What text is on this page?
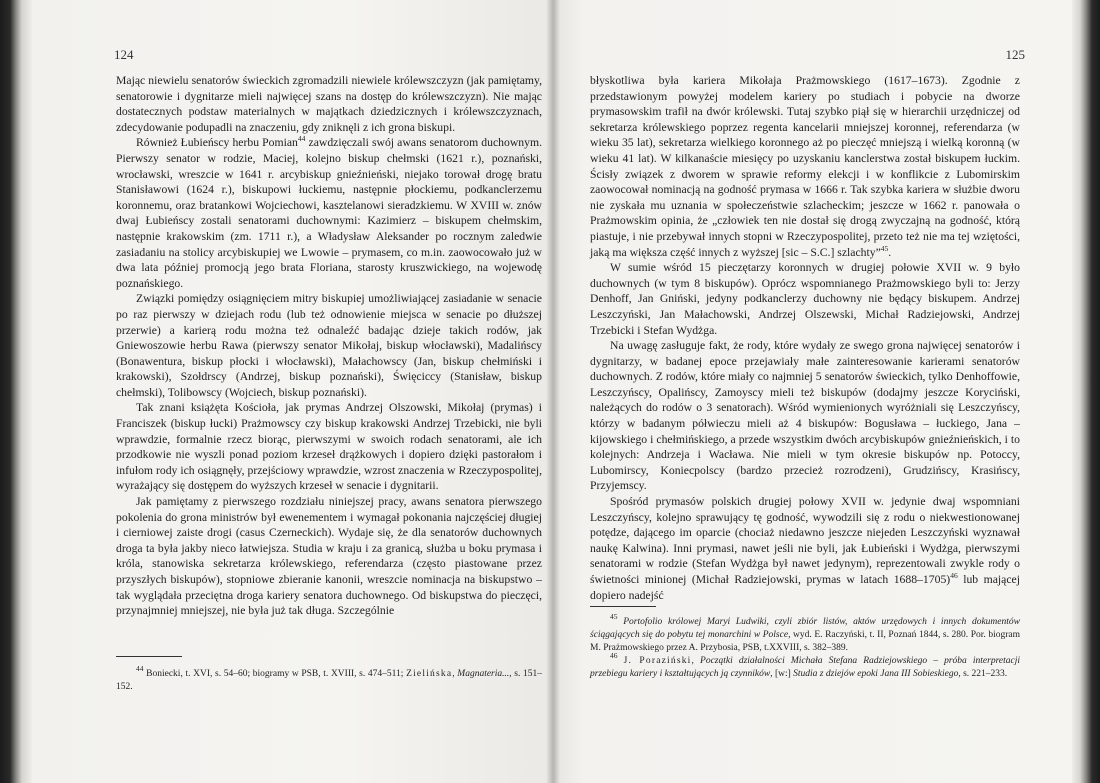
124

Mając niewielu senatorów świeckich zgromadzili niewiele królewszczyzn (jak pamiętamy, senatorowie i dygnitarze mieli najwięcej szans na dostęp do królewszczyzn). Nie mając dostatecznych podstaw materialnych w majątkach dziedzicznych i królewszczyznach, zdecydowanie podupadli na znaczeniu, gdy zniknęli z ich grona biskupi.

Również Łubieńscy herbu Pomian$^{44}$ zawdzięczali swój awans senatorom duchownym. Pierwszy senator w rodzie, Maciej, kolejno biskup chełmski (1621 r.), poznański, wrocławski, wreszcie w 1641 r. arcybiskup gnieźnieński, niejako torował drogę bratu Stanisławowi (1624 r.), biskupowi łuckiemu, następnie płockiemu, podkanclerzemu koronnemu, oraz bratankowi Wojciechowi, kasztelanowi sieradzkiemu. W XVIII w. znów dwaj Łubieńscy zostali senatorami duchownymi: Kazimierz – biskupem chełmskim, następnie krakowskim (zm. 1711 r.), a Władysław Aleksander po rocznym zaledwie zasiadaniu na stolicy arcybiskupiej we Lwowie – prymasem, co m.in. zaowocowało już w dwa lata później promocją jego brata Floriana, starosty kruszwickiego, na wojewodę poznańskiego.

Związki pomiędzy osiągnięciem mitry biskupiej umożliwiającej zasiadanie w senacie po raz pierwszy w dziejach rodu (lub też odnowienie miejsca w senacie po dłuższej przerwie) a karierą rodu można też odnaleźć badając dzieje takich rodów, jak Gniewoszowie herbu Rawa (pierwszy senator Mikołaj, biskup włocławski), Madalińscy (Bonawentura, biskup płocki i włocławski), Małachowscy (Jan, biskup chełmiński i krakowski), Szołdrscy (Andrzej, biskup poznański), Święciccy (Stanisław, biskup chełmski), Tolibowscy (Wojciech, biskup poznański).

Tak znani książęta Kościoła, jak prymas Andrzej Olszowski, Mikołaj (prymas) i Franciszek (biskup łucki) Prażmowscy czy biskup krakowski Andrzej Trzebicki, nie byli wprawdzie, formalnie rzecz biorąc, pierwszymi w swoich rodach senatorami, ale ich przodkowie nie wyszli ponad poziom krzeseł drążkowych i dopiero dzięki pastorałom i infułom rody ich osiągnęły, przejściowy wprawdzie, wzrost znaczenia w Rzeczypospolitej, wyrażający się dostępem do wyższych krzeseł w senacie i dygnitarii.

Jak pamiętamy z pierwszego rozdziału niniejszej pracy, awans senatora pierwszego pokolenia do grona ministrów był ewenementem i wymagał pokonania najczęściej długiej i cierniowej zaiste drogi (casus Czerneckich). Wydaje się, że dla senatorów duchownych droga ta była jakby nieco łatwiejsza. Studia w kraju i za granicą, służba u boku prymasa i króla, stanowiska sekretarza królewskiego, referendarza (często piastowane przez przyszłych biskupów), stopniowe zbieranie kanonii, wreszcie nominacja na biskupstwo – tak wyglądała przeciętna droga kariery senatora duchownego. Od biskupstwa do pieczęci, przynajmniej mniejszej, nie była już tak długa. Szczególnie

$^{44}$ Boniecki, t. XVI, s. 54–60; biogramy w PSB, t. XVIII, s. 474–511; Zielińska, Magnateria..., s. 151–152.

125

błyskotliwa była kariera Mikołaja Prażmowskiego (1617–1673). Zgodnie z przedstawionym powyżej modelem kariery po studiach i pobycie na dworze prymasowskim trafił na dwór królewski. Tutaj szybko piął się w hierarchii urzędniczej od sekretarza królewskiego poprzez regenta kancelarii mniejszej koronnej, referendarza (w wieku 35 lat), sekretarza wielkiego koronnego aż po pieczęć mniejszą i wielką koronną (w wieku 41 lat). W kilkanaście miesięcy po uzyskaniu kanclerstwa został biskupem łuckim. Ścisły związek z dworem w sprawie reformy elekcji i w konflikcie z Lubomirskim zaowocował nominacją na godność prymasa w 1666 r. Tak szybka kariera w służbie dworu nie zyskała mu uznania w społeczeństwie szlacheckim; jeszcze w 1662 r. panowała o Prażmowskim opinia, że „człowiek ten nie dostał się drogą zwyczajną na godność, którą piastuje, i nie przebywał innych stopni w Rzeczypospolitej, przeto też nie ma tej wziętości, jaką ma większa część innych z wyższej [sic – S.C.] szlachty”$^{45}$.

W sumie wśród 15 pieczętarzy koronnych w drugiej połowie XVII w. 9 było duchownych (w tym 8 biskupów). Oprócz wspomnianego Prażmowskiego byli to: Jerzy Denhoff, Jan Gniński, jedyny podkanclerzy duchowny nie będący biskupem. Andrzej Leszczyński, Jan Małachowski, Andrzej Olszewski, Michał Radziejowski, Andrzej Trzebicki i Stefan Wydżga.

Na uwagę zasługuje fakt, że rody, które wydały ze swego grona najwięcej senatorów i dygnitarzy, w badanej epoce przejawiały małe zainteresowanie karierami senatorów duchownych. Z rodów, które miały co najmniej 5 senatorów świeckich, tylko Denhoffowie, Leszczyńscy, Opalińscy, Zamoyscy mieli też biskupów (dodajmy jeszcze Koryciński, należących do rodów o 3 senatorach). Wśród wymienionych wyróżniali się Leszczyńscy, którzy w badanym półwieczu mieli aż 4 biskupów: Bogusława – łuckiego, Jana – kijowskiego i chełmińskiego, a przede wszystkim dwóch arcybiskupów gnieźnieńskich, i to kolejnych: Andrzeja i Wacława. Nie mieli w tym okresie biskupów np. Potoccy, Lubomirscy, Koniecpolscy (bardzo przecież rozrodzeni), Grudzińscy, Krasińscy, Przyjemscy.

Spośród prymasów polskich drugiej połowy XVII w. jedynie dwaj wspomniani Leszczyńscy, kolejno sprawujący tę godność, wywodzili się z rodu o niekwestionowanej potędze, dającego im oparcie (chociaż niedawno jeszcze niejeden Leszczyński wyznawał naukę Kalwina). Inni prymasi, nawet jeśli nie byli, jak Łubieński i Wydżga, pierwszymi senatorami w rodzie (Stefan Wydżga był nawet jedynym), reprezentowali zwykle rody o świetności minionej (Michał Radziejowski, prymas w latach 1688–1705)$^{46}$ lub mającej dopiero nadejść

$^{45}$ Portofolio królowej Maryi Ludwiki, czyli zbiór listów, aktów urzędowych i innych dokumentów ściągających się do pobytu tej monarchini w Polsce, wyd. E. Raczyński, t. II, Poznań 1844, s. 280. Por. biogram M. Prażmowskiego przez A. Przybosia, PSB, t.XXVIII, s. 382–389.

$^{46}$ J. Poraziński, Początki działalności Michała Stefana Radziejowskiego – próba interpretacji przebiegu kariery i kształtujących ją czynników, [w:] Studia z dziejów epoki Jana III Sobieskiego, s. 221–233.
